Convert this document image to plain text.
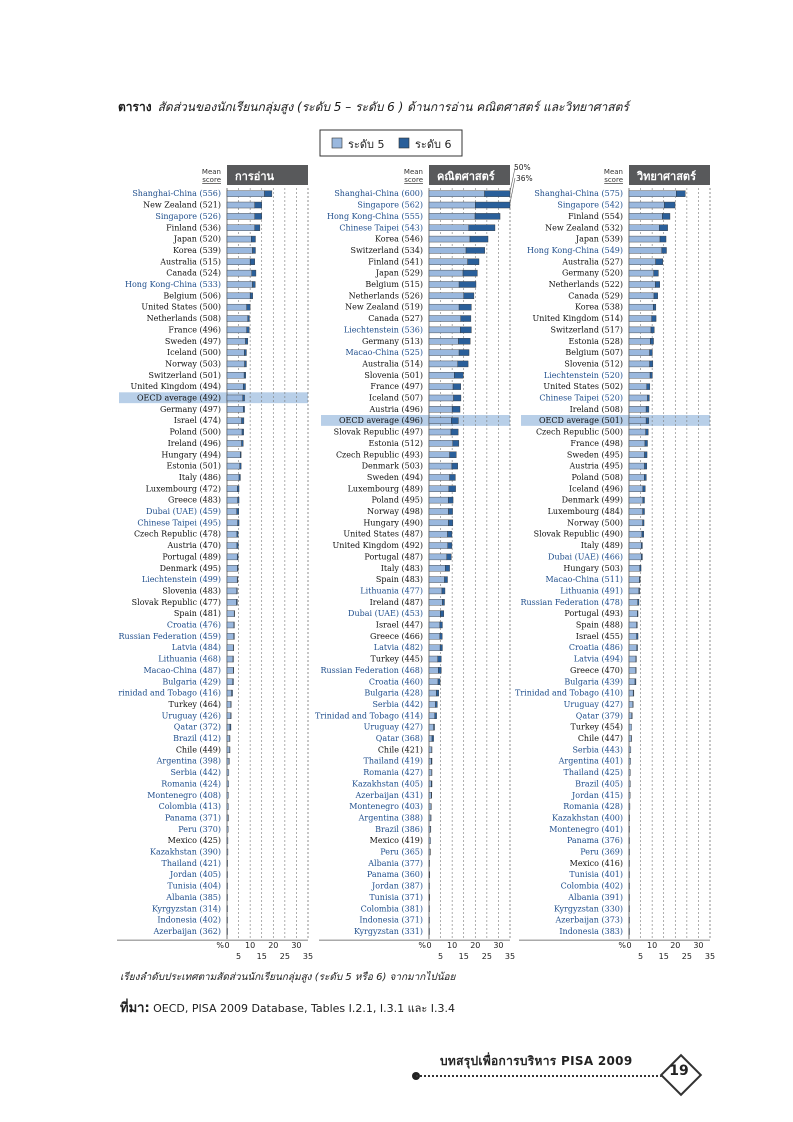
ตาราง สัดส่วนของนักเรียนกลุ่มสูง (ระดับ 5 – ระดับ 6 ) ด้านการอ่าน คณิตศาสตร์ และวิทยาศาสตร์
ระดับ 5	ระดับ 6
Mean
score การอ่าน
Shanghai-China (556)
New Zealand (521)
Singapore (526)
Finland (536)
Japan (520)
Korea (539)
Australia (515)
Canada (524)
Hong Kong-China (533)
Belgium (506)
United States (500)
Netherlands (508)
France (496)
Sweden (497)
Iceland (500)
Norway (503)
Switzerland (501)
United Kingdom (494)
OECD average (492)
Germany (497)
Israel (474)
Poland (500)
Ireland (496)
Hungary (494)
Estonia (501)
Italy (486)
Luxembourg (472)
Greece (483)
Dubai (UAE) (459)
Chinese Taipei (495)
Czech Republic (478)
Austria (470)
Portugal (489)
Denmark (495)
Liechtenstein (499)
Slovenia (483)
Slovak Republic (477)
Spain (481)
Croatia (476)
Russian Federation (459)
Latvia (484)
Lithuania (468)
Macao-China (487)
Bulgaria (429)
rinidad and Tobago (416)
Turkey (464)
Uruguay (426)
Qatar (372)
Brazil (412)
Chile (449)
Argentina (398)
Serbia (442)
Romania (424)
Montenegro (408)
Colombia (413)
Panama (371)
Peru (370)
Mexico (425)
Kazakhstan (390)
Thailand (421)
Jordan (405)
Tunisia (404)
Albania (385)
Kyrgyzstan (314)
Indonesia (402)
Azerbaijan (362)
% 0 10 20 30
5 15 25 35
Mean
score คณิตศาสตร์
Shanghai-China (600)
Singapore (562)
Hong Kong-China (555)
Chinese Taipei (543)
Korea (546)
Switzerland (534)
Finland (541)
Japan (529)
Belgium (515)
Netherlands (526)
New Zealand (519)
Canada (527)
Liechtenstein (536)
Germany (513)
Macao-China (525)
Australia (514)
Slovenia (501)
France (497)
Iceland (507)
Austria (496)
OECD average (496)
Slovak Republic (497)
Estonia (512)
Czech Republic (493)
Denmark (503)
Sweden (494)
Luxembourg (489)
Poland (495)
Norway (498)
Hungary (490)
United States (487)
United Kingdom (492)
Portugal (487)
Italy (483)
Spain (483)
Lithuania (477)
Ireland (487)
Dubai (UAE) (453)
Israel (447)
Greece (466)
Latvia (482)
Turkey (445)
Russian Federation (468)
Croatia (460)
Bulgaria (428)
Serbia (442)
Trinidad and Tobago (414)
Uruguay (427)
Qatar (368)
Chile (421)
Thailand (419)
Romania (427)
Kazakhstan (405)
Azerbaijan (431)
Montenegro (403)
Argentina (388)
Brazil (386)
Mexico (419)
Peru (365)
Albania (377)
Panama (360)
Jordan (387)
Tunisia (371)
Colombia (381)
Indonesia (371)
Kyrgyzstan (331)
50%
36%
% 0 10 20 30
5 15 25 35
Mean
score วิทยาศาสตร์
Shanghai-China (575)
Singapore (542)
Finland (554)
New Zealand (532)
Japan (539)
Hong Kong-China (549)
Australia (527)
Germany (520)
Netherlands (522)
Canada (529)
Korea (538)
United Kingdom (514)
Switzerland (517)
Estonia (528)
Belgium (507)
Slovenia (512)
Liechtenstein (520)
United States (502)
Chinese Taipei (520)
Ireland (508)
OECD average (501)
Czech Republic (500)
France (498)
Sweden (495)
Austria (495)
Poland (508)
Iceland (496)
Denmark (499)
Luxembourg (484)
Norway (500)
Slovak Republic (490)
Italy (489)
Dubai (UAE) (466)
Hungary (503)
Macao-China (511)
Lithuania (491)
Russian Federation (478)
Portugal (493)
Spain (488)
Israel (455)
Croatia (486)
Latvia (494)
Greece (470)
Bulgaria (439)
Trinidad and Tobago (410)
Uruguay (427)
Qatar (379)
Turkey (454)
Chile (447)
Serbia (443)
Argentina (401)
Thailand (425)
Brazil (405)
Jordan (415)
Romania (428)
Kazakhstan (400)
Montenegro (401)
Panama (376)
Peru (369)
Mexico (416)
Tunisia (401)
Colombia (402)
Albania (391)
Kyrgyzstan (330)
Azerbaijan (373)
Indonesia (383)
% 0 10 20 30
5 15 25 35
เรียงลำดับประเทศตามสัดส่วนนักเรียนกลุ่มสูง (ระดับ 5 หรือ 6) จากมากไปน้อย
ที่มา: OECD, PISA 2009 Database, Tables I.2.1, I.3.1 และ I.3.4
บทสรุปเพื่อการบริหาร PISA 2009
19
